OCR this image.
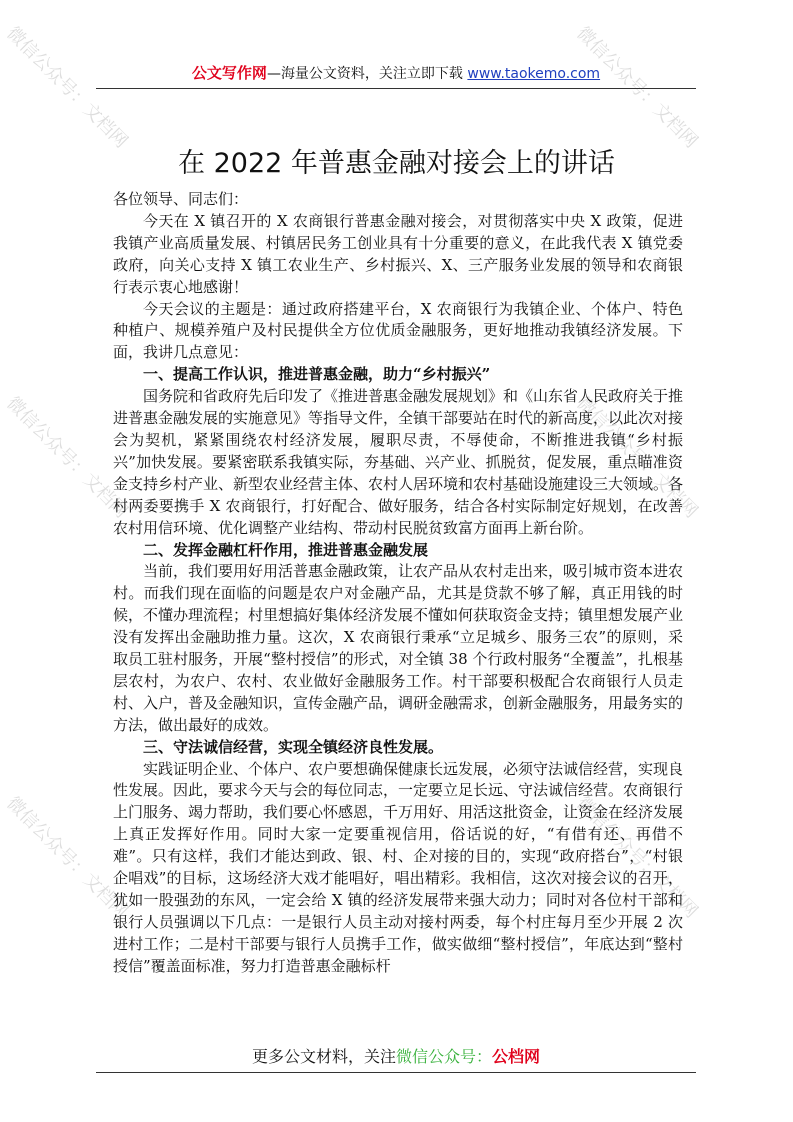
微信公众号：文档网	微信公众号：文档网
微信公众号：文档网	微信公众号：文档网
微信公众号：文档网	微信公众号：文档网
公文写作网—海量公文资料，关注立即下载 www.taokemo.com
在 2022 年普惠金融对接会上的讲话

各位领导、同志们：

今天在 X 镇召开的 X 农商银行普惠金融对接会，对贯彻落实中央 X 政策，促进我镇产业高质量发展、村镇居民务工创业具有十分重要的意义，在此我代表 X 镇党委政府，向关心支持 X 镇工农业生产、乡村振兴、X、三产服务业发展的领导和农商银行表示衷心地感谢！

今天会议的主题是：通过政府搭建平台，X 农商银行为我镇企业、个体户、特色种植户、规模养殖户及村民提供全方位优质金融服务，更好地推动我镇经济发展。下面，我讲几点意见：

一、提高工作认识，推进普惠金融，助力“乡村振兴”

国务院和省政府先后印发了《推进普惠金融发展规划》和《山东省人民政府关于推进普惠金融发展的实施意见》等指导文件，全镇干部要站在时代的新高度，以此次对接会为契机，紧紧围绕农村经济发展，履职尽责，不辱使命，不断推进我镇“乡村振兴”加快发展。要紧密联系我镇实际，夯基础、兴产业、抓脱贫，促发展，重点瞄准资金支持乡村产业、新型农业经营主体、农村人居环境和农村基础设施建设三大领域。各村两委要携手 X 农商银行，打好配合、做好服务，结合各村实际制定好规划，在改善农村用信环境、优化调整产业结构、带动村民脱贫致富方面再上新台阶。

二、发挥金融杠杆作用，推进普惠金融发展

当前，我们要用好用活普惠金融政策，让农产品从农村走出来，吸引城市资本进农村。而我们现在面临的问题是农户对金融产品，尤其是贷款不够了解，真正用钱的时候，不懂办理流程；村里想搞好集体经济发展不懂如何获取资金支持；镇里想发展产业没有发挥出金融助推力量。这次，X 农商银行秉承“立足城乡、服务三农”的原则，采取员工驻村服务，开展“整村授信”的形式，对全镇 38 个行政村服务“全覆盖”，扎根基层农村，为农户、农村、农业做好金融服务工作。村干部要积极配合农商银行人员走村、入户，普及金融知识，宣传金融产品，调研金融需求，创新金融服务，用最务实的方法，做出最好的成效。

三、守法诚信经营，实现全镇经济良性发展。

实践证明企业、个体户、农户要想确保健康长远发展，必须守法诚信经营，实现良性发展。因此，要求今天与会的每位同志，一定要立足长远、守法诚信经营。农商银行上门服务、竭力帮助，我们要心怀感恩，千万用好、用活这批资金，让资金在经济发展上真正发挥好作用。同时大家一定要重视信用，俗话说的好，“有借有还、再借不难”。只有这样，我们才能达到政、银、村、企对接的目的，实现“政府搭台”，“村银企唱戏”的目标，这场经济大戏才能唱好，唱出精彩。我相信，这次对接会议的召开，犹如一股强劲的东风，一定会给 X 镇的经济发展带来强大动力；同时对各位村干部和银行人员强调以下几点：一是银行人员主动对接村两委，每个村庄每月至少开展 2 次进村工作；二是村干部要与银行人员携手工作，做实做细“整村授信”，年底达到“整村授信”覆盖面标准，努力打造普惠金融标杆

更多公文材料，关注微信公众号：公档网
